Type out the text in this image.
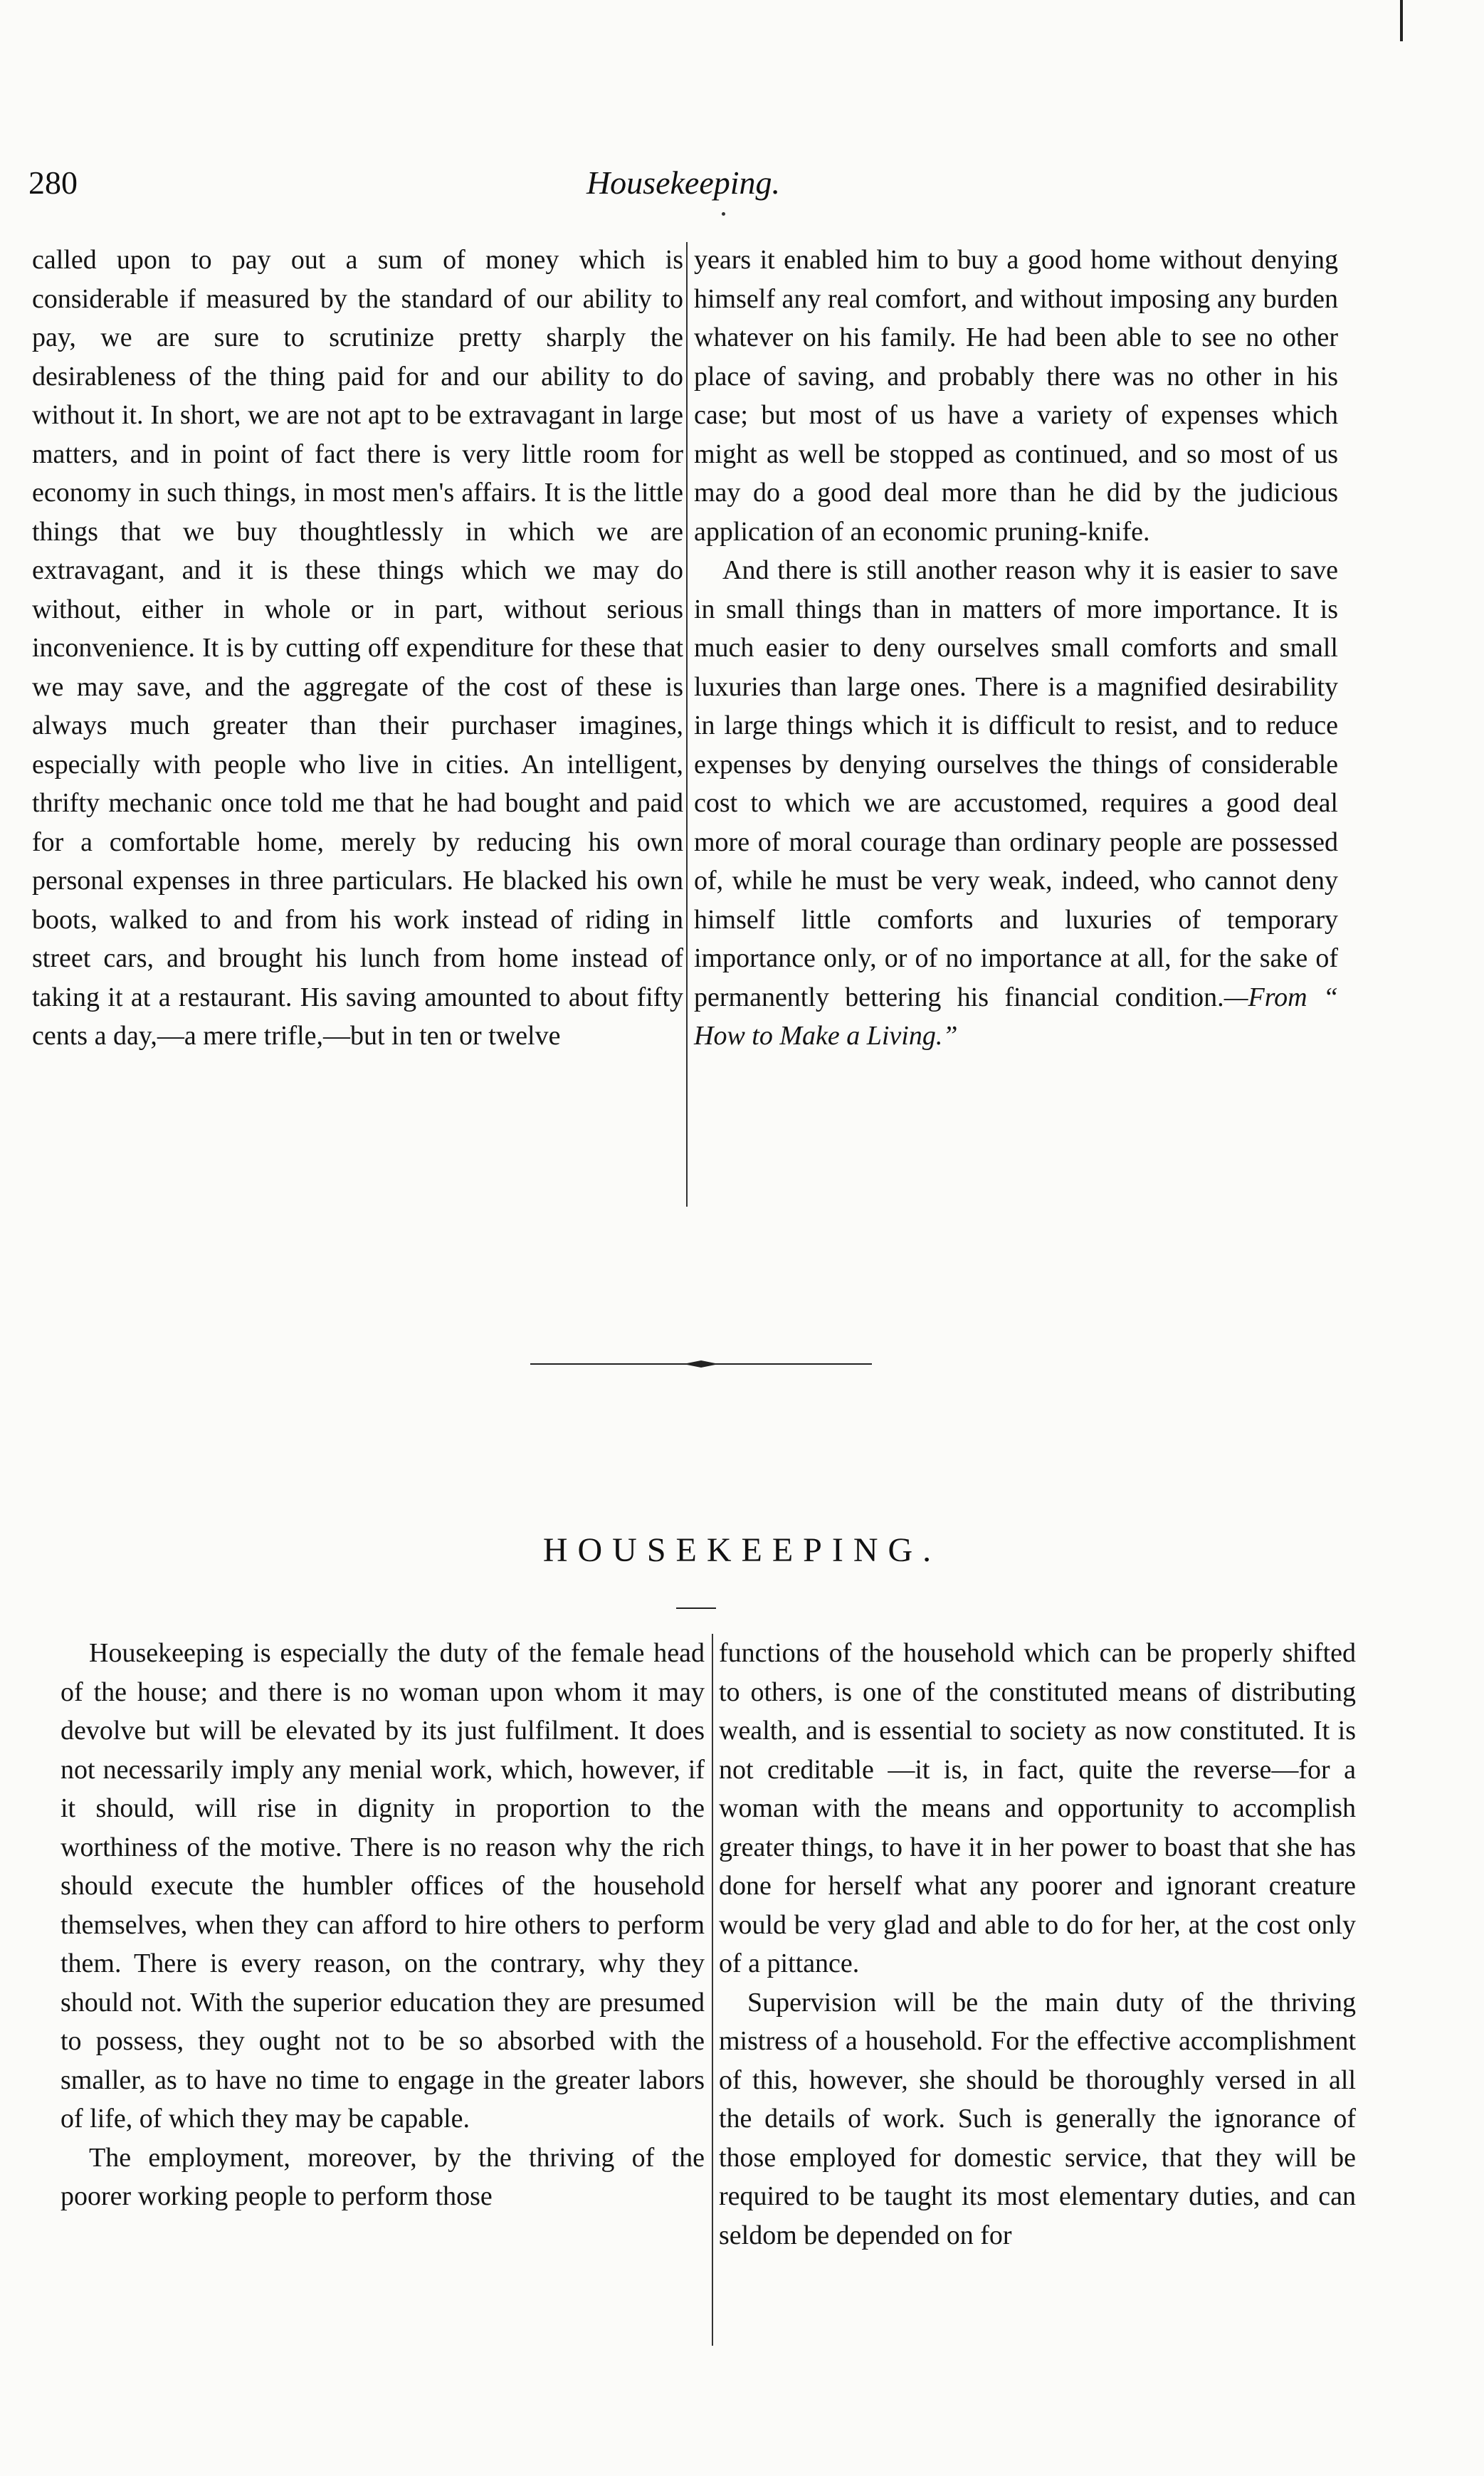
280	Housekeeping.

called upon to pay out a sum of money which is considerable if measured by the standard of our ability to pay, we are sure to scrutinize pretty sharply the desirableness of the thing paid for and our ability to do without it. In short, we are not apt to be extravagant in large matters, and in point of fact there is very little room for economy in such things, in most men's affairs. It is the little things that we buy thoughtlessly in which we are extravagant, and it is these things which we may do without, either in whole or in part, without serious inconvenience. It is by cutting off expenditure for these that we may save, and the aggregate of the cost of these is always much greater than their purchaser imagines, especially with people who live in cities. An intelligent, thrifty mechanic once told me that he had bought and paid for a comfortable home, merely by reducing his own personal expenses in three particulars. He blacked his own boots, walked to and from his work instead of riding in street cars, and brought his lunch from home instead of taking it at a restaurant. His saving amounted to about fifty cents a day,—a mere trifle,—but in ten or twelve

years it enabled him to buy a good home without denying himself any real comfort, and without imposing any burden whatever on his family. He had been able to see no other place of saving, and probably there was no other in his case; but most of us have a variety of expenses which might as well be stopped as continued, and so most of us may do a good deal more than he did by the judicious application of an economic pruning-knife.

And there is still another reason why it is easier to save in small things than in matters of more importance. It is much easier to deny ourselves small comforts and small luxuries than large ones. There is a magnified desirability in large things which it is difficult to resist, and to reduce expenses by denying ourselves the things of considerable cost to which we are accustomed, requires a good deal more of moral courage than ordinary people are possessed of, while he must be very weak, indeed, who cannot deny himself little comforts and luxuries of temporary importance only, or of no importance at all, for the sake of permanently bettering his financial condition.—From “ How to Make a Living.”

HOUSEKEEPING.

Housekeeping is especially the duty of the female head of the house; and there is no woman upon whom it may devolve but will be elevated by its just fulfilment. It does not necessarily imply any menial work, which, however, if it should, will rise in dignity in proportion to the worthiness of the motive. There is no reason why the rich should execute the humbler offices of the household themselves, when they can afford to hire others to perform them. There is every reason, on the contrary, why they should not. With the superior education they are presumed to possess, they ought not to be so absorbed with the smaller, as to have no time to engage in the greater labors of life, of which they may be capable.

The employment, moreover, by the thriving of the poorer working people to perform those

functions of the household which can be properly shifted to others, is one of the constituted means of distributing wealth, and is essential to society as now constituted. It is not creditable —it is, in fact, quite the reverse—for a woman with the means and opportunity to accomplish greater things, to have it in her power to boast that she has done for herself what any poorer and ignorant creature would be very glad and able to do for her, at the cost only of a pittance.

Supervision will be the main duty of the thriving mistress of a household. For the effective accomplishment of this, however, she should be thoroughly versed in all the details of work. Such is generally the ignorance of those employed for domestic service, that they will be required to be taught its most elementary duties, and can seldom be depended on for
